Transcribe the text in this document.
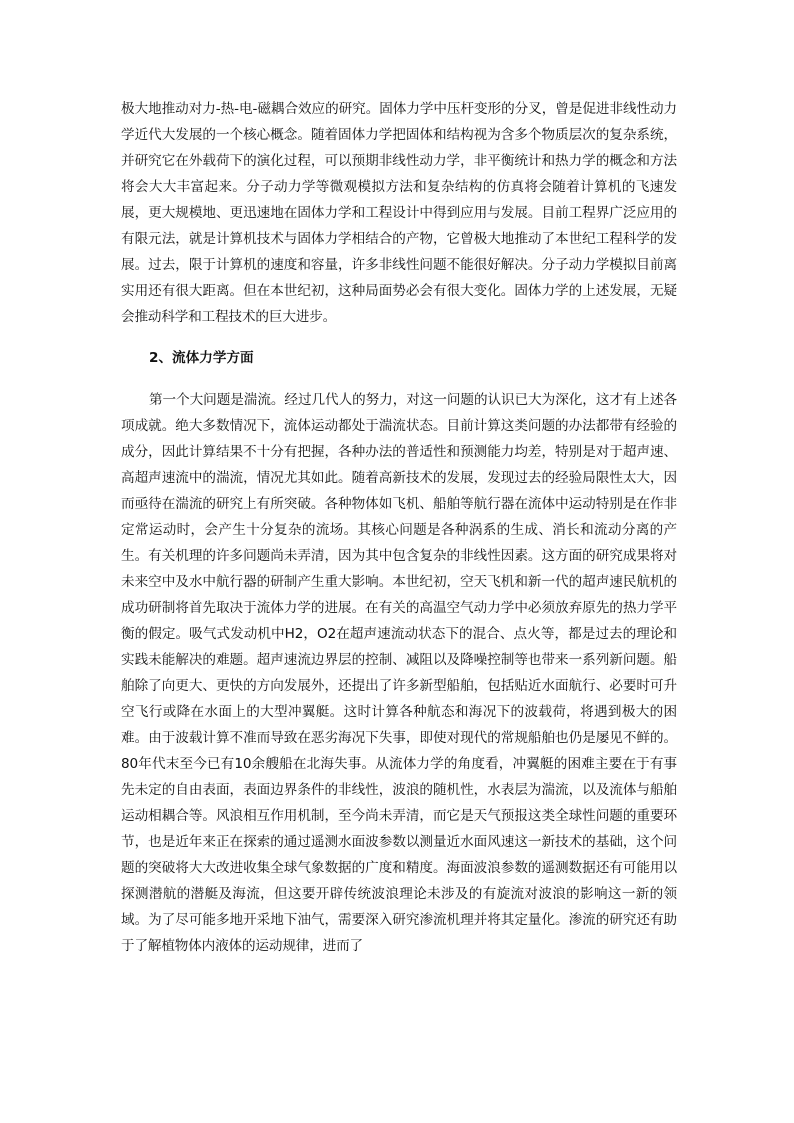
极大地推动对力-热-电-磁耦合效应的研究。固体力学中压杆变形的分叉，曾是促进非线性动力学近代大发展的一个核心概念。随着固体力学把固体和结构视为含多个物质层次的复杂系统，并研究它在外载荷下的演化过程，可以预期非线性动力学，非平衡统计和热力学的概念和方法将会大大丰富起来。分子动力学等微观模拟方法和复杂结构的仿真将会随着计算机的飞速发展，更大规模地、更迅速地在固体力学和工程设计中得到应用与发展。目前工程界广泛应用的有限元法，就是计算机技术与固体力学相结合的产物，它曾极大地推动了本世纪工程科学的发展。过去，限于计算机的速度和容量，许多非线性问题不能很好解决。分子动力学模拟目前离实用还有很大距离。但在本世纪初，这种局面势必会有很大变化。固体力学的上述发展，无疑会推动科学和工程技术的巨大进步。

2、流体力学方面

第一个大问题是湍流。经过几代人的努力，对这一问题的认识已大为深化，这才有上述各项成就。绝大多数情况下，流体运动都处于湍流状态。目前计算这类问题的办法都带有经验的成分，因此计算结果不十分有把握，各种办法的普适性和预测能力均差，特别是对于超声速、高超声速流中的湍流，情况尤其如此。随着高新技术的发展，发现过去的经验局限性太大，因而亟待在湍流的研究上有所突破。各种物体如飞机、船舶等航行器在流体中运动特别是在作非定常运动时，会产生十分复杂的流场。其核心问题是各种涡系的生成、消长和流动分离的产生。有关机理的许多问题尚未弄清，因为其中包含复杂的非线性因素。这方面的研究成果将对未来空中及水中航行器的研制产生重大影响。本世纪初，空天飞机和新一代的超声速民航机的成功研制将首先取决于流体力学的进展。在有关的高温空气动力学中必须放弃原先的热力学平衡的假定。吸气式发动机中H2，O2在超声速流动状态下的混合、点火等，都是过去的理论和实践未能解决的难题。超声速流边界层的控制、减阻以及降噪控制等也带来一系列新问题。船舶除了向更大、更快的方向发展外，还提出了许多新型船舶，包括贴近水面航行、必要时可升空飞行或降在水面上的大型冲翼艇。这时计算各种航态和海况下的波载荷，将遇到极大的困难。由于波载计算不准而导致在恶劣海况下失事，即使对现代的常规船舶也仍是屡见不鲜的。80年代末至今已有10余艘船在北海失事。从流体力学的角度看，冲翼艇的困难主要在于有事先未定的自由表面，表面边界条件的非线性，波浪的随机性，水表层为湍流，以及流体与船舶运动相耦合等。风浪相互作用机制，至今尚未弄清，而它是天气预报这类全球性问题的重要环节，也是近年来正在探索的通过遥测水面波参数以测量近水面风速这一新技术的基础，这个问题的突破将大大改进收集全球气象数据的广度和精度。海面波浪参数的遥测数据还有可能用以探测潜航的潜艇及海流，但这要开辟传统波浪理论未涉及的有旋流对波浪的影响这一新的领域。为了尽可能多地开采地下油气，需要深入研究渗流机理并将其定量化。渗流的研究还有助于了解植物体内液体的运动规律，进而了
